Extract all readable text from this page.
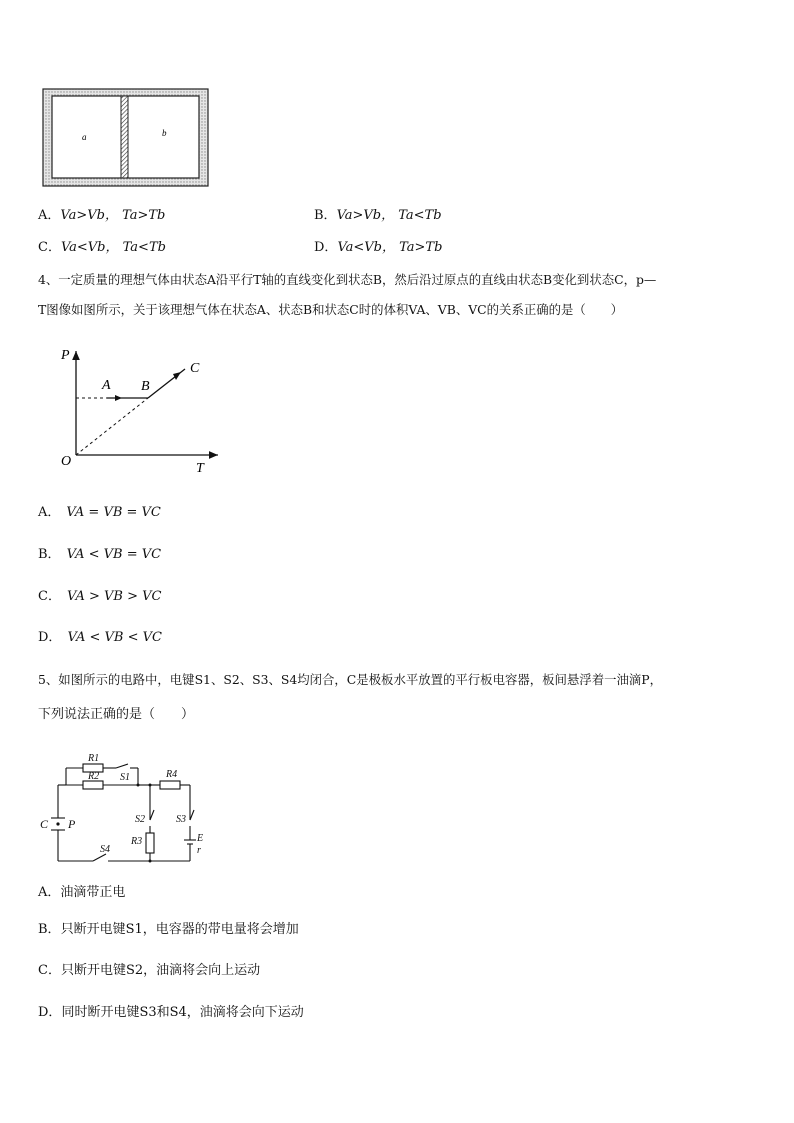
a	b
A．Va>Vb， Ta>Tb	B．Va>Vb， Ta<Tb
C．Va<Vb， Ta<Tb	D．Va<Vb， Ta>Tb
4、一定质量的理想气体由状态A沿平行T轴的直线变化到状态B，然后沿过原点的直线由状态B变化到状态C，p—
T图像如图所示，关于该理想气体在状态A、状态B和状态C时的体积VA、VB、VC的关系正确的是（　　）
P
T
O
A B
C
A． VA = VB = VC
B． VA < VB = VC
C． VA > VB > VC
D． VA < VB < VC
5、如图所示的电路中，电键S1、S2、S3、S4均闭合，C是极板水平放置的平行板电容器，板间悬浮着一油滴P，
下列说法正确的是（　　）
R1
S1
R2	R4
S2	S3
R3	E
r
C P
S4
A．油滴带正电
B．只断开电键S1，电容器的带电量将会增加
C．只断开电键S2，油滴将会向上运动
D．同时断开电键S3和S4，油滴将会向下运动
